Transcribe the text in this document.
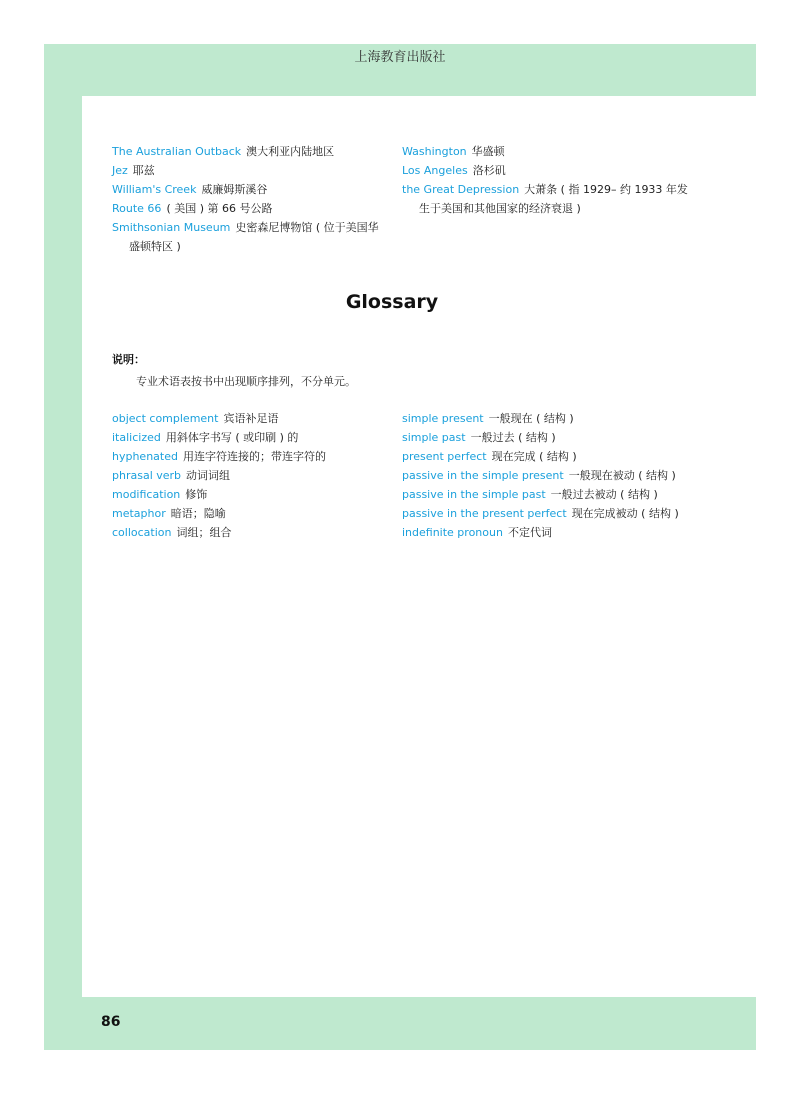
上海教育出版社
The Australian Outback 澳大利亚内陆地区
Jez 耶兹
William's Creek 威廉姆斯溪谷
Route 66 ( 美国 ) 第 66 号公路
Smithsonian Museum 史密森尼博物馆 ( 位于美国华
盛顿特区 )
Washington 华盛顿
Los Angeles 洛杉矶
the Great Depression 大萧条 ( 指 1929– 约 1933 年发
生于美国和其他国家的经济衰退 )
Glossary
说明：
专业术语表按书中出现顺序排列，不分单元。
object complement 宾语补足语
italicized 用斜体字书写 ( 或印刷 ) 的
hyphenated 用连字符连接的；带连字符的
phrasal verb 动词词组
modification 修饰
metaphor 暗语；隐喻
collocation 词组；组合
simple present 一般现在 ( 结构 )
simple past 一般过去 ( 结构 )
present perfect 现在完成 ( 结构 )
passive in the simple present 一般现在被动 ( 结构 )
passive in the simple past 一般过去被动 ( 结构 )
passive in the present perfect 现在完成被动 ( 结构 )
indefinite pronoun 不定代词
86
